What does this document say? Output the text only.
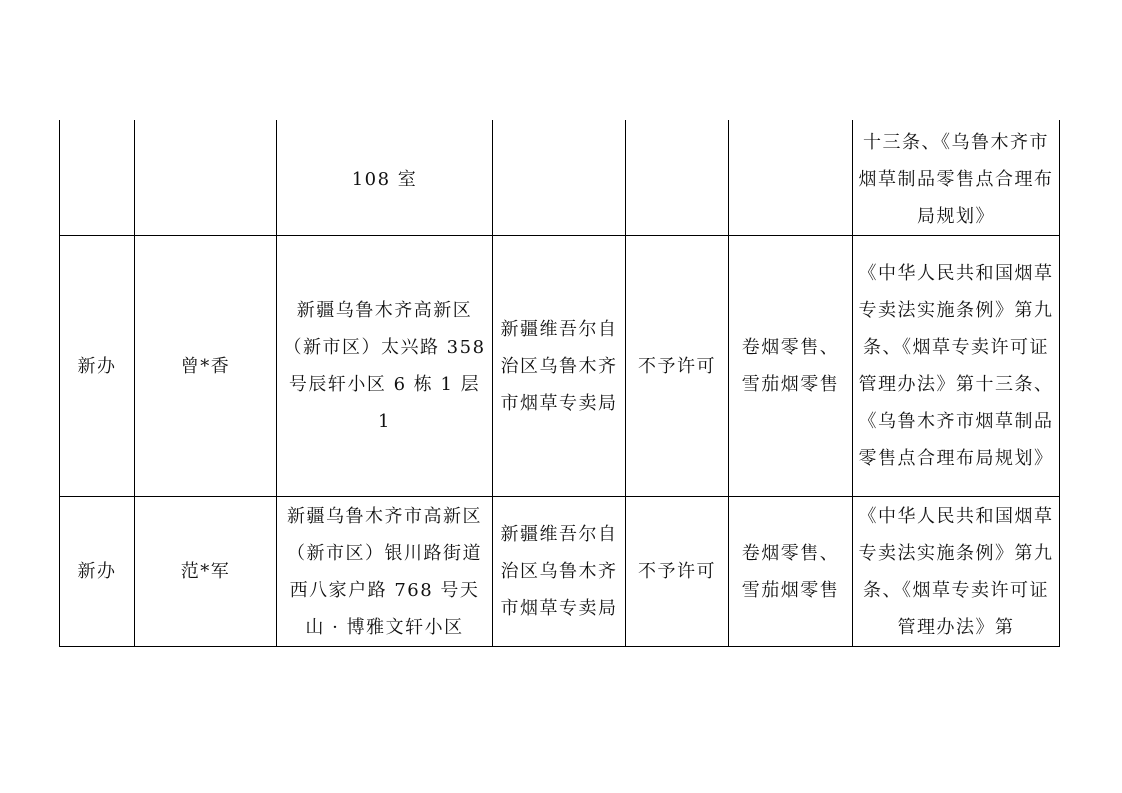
		108 室				十三条、《乌鲁木齐市烟草制品零售点合理布局规划》
新办	曾*香	新疆乌鲁木齐高新区（新市区）太兴路 358 号辰轩小区 6 栋 1 层 1	新疆维吾尔自治区乌鲁木齐市烟草专卖局	不予许可	卷烟零售、雪茄烟零售	《中华人民共和国烟草专卖法实施条例》第九条、《烟草专卖许可证管理办法》第十三条、《乌鲁木齐市烟草制品零售点合理布局规划》
新办	范*军	新疆乌鲁木齐市高新区（新市区）银川路街道西八家户路 768 号天山 · 博雅文轩小区	新疆维吾尔自治区乌鲁木齐市烟草专卖局	不予许可	卷烟零售、雪茄烟零售	《中华人民共和国烟草专卖法实施条例》第九条、《烟草专卖许可证管理办法》第
